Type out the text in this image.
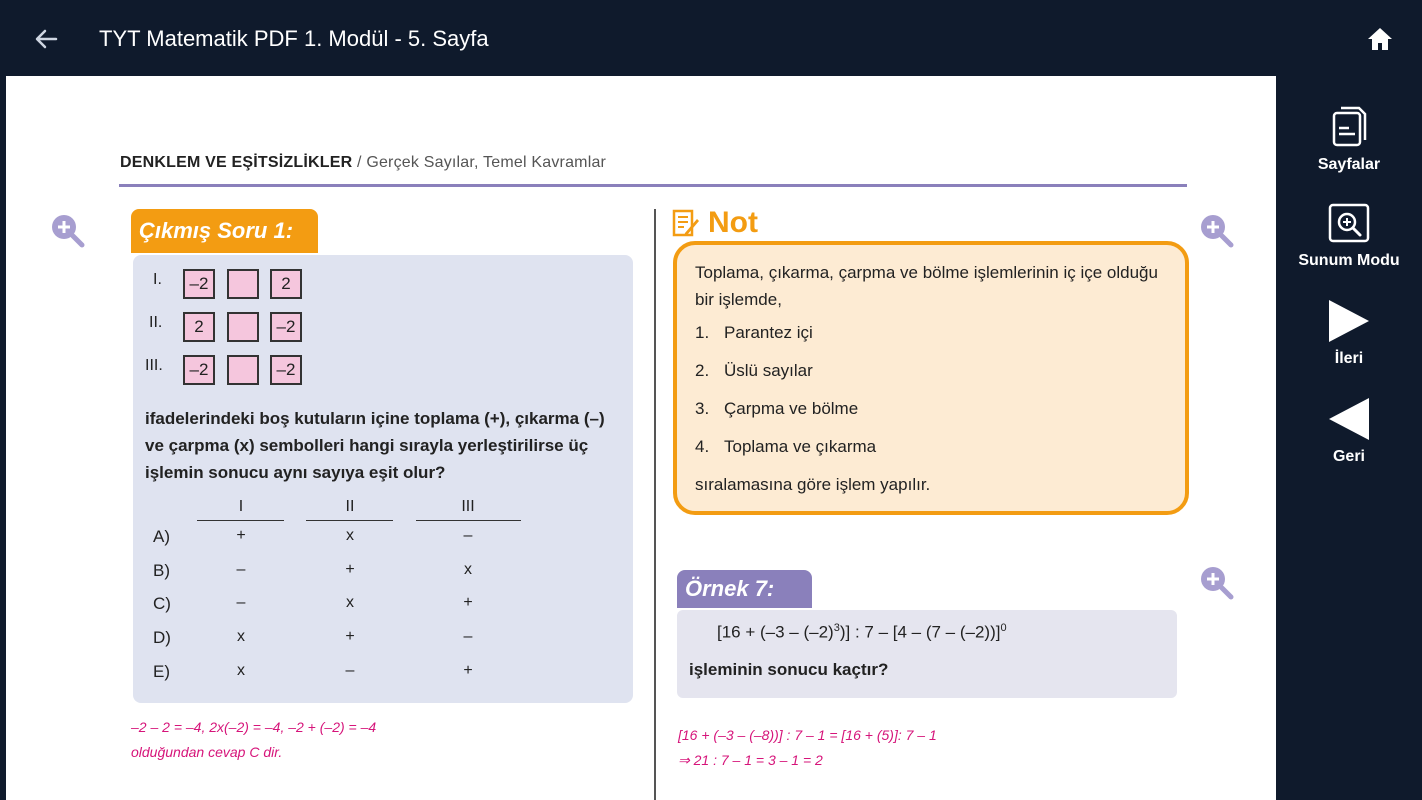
TYT Matematik PDF 1. Modül - 5. Sayfa
DENKLEM VE EŞİTSİZLİKLER / Gerçek Sayılar, Temel Kavramlar
Çıkmış Soru 1:
I.	–2	2
II.	2	–2
III.	–2	–2
ifadelerindeki boş kutuların içine toplama (+), çıkarma (–) ve çarpma (x) sembolleri hangi sırayla yerleştirilirse üç işlemin sonucu aynı sayıya eşit olur?
I	II	III
A)	+	x	–
B)	–	+	x
C)	–	x	+
D)	x	+	–
E)	x	–	+
–2 – 2 = –4, 2x(–2) = –4, –2 + (–2) = –4
olduğundan cevap C dir.
Not
Toplama, çıkarma, çarpma ve bölme işlemlerinin iç içe olduğu bir işlemde,
1. Parantez içi
2. Üslü sayılar
3. Çarpma ve bölme
4. Toplama ve çıkarma
sıralamasına göre işlem yapılır.
Örnek 7:
$[16 + (-3 - (-2)^3)]$ : 7 – [4 – (7 – (–2))]$^0$
işleminin sonucu kaçtır?
[16 + (–3 – (–8))] : 7 – 1 = [16 + (5)]: 7 – 1
⇒ 21 : 7 – 1 = 3 – 1 = 2
Sayfalar
Sunum Modu
İleri
Geri
